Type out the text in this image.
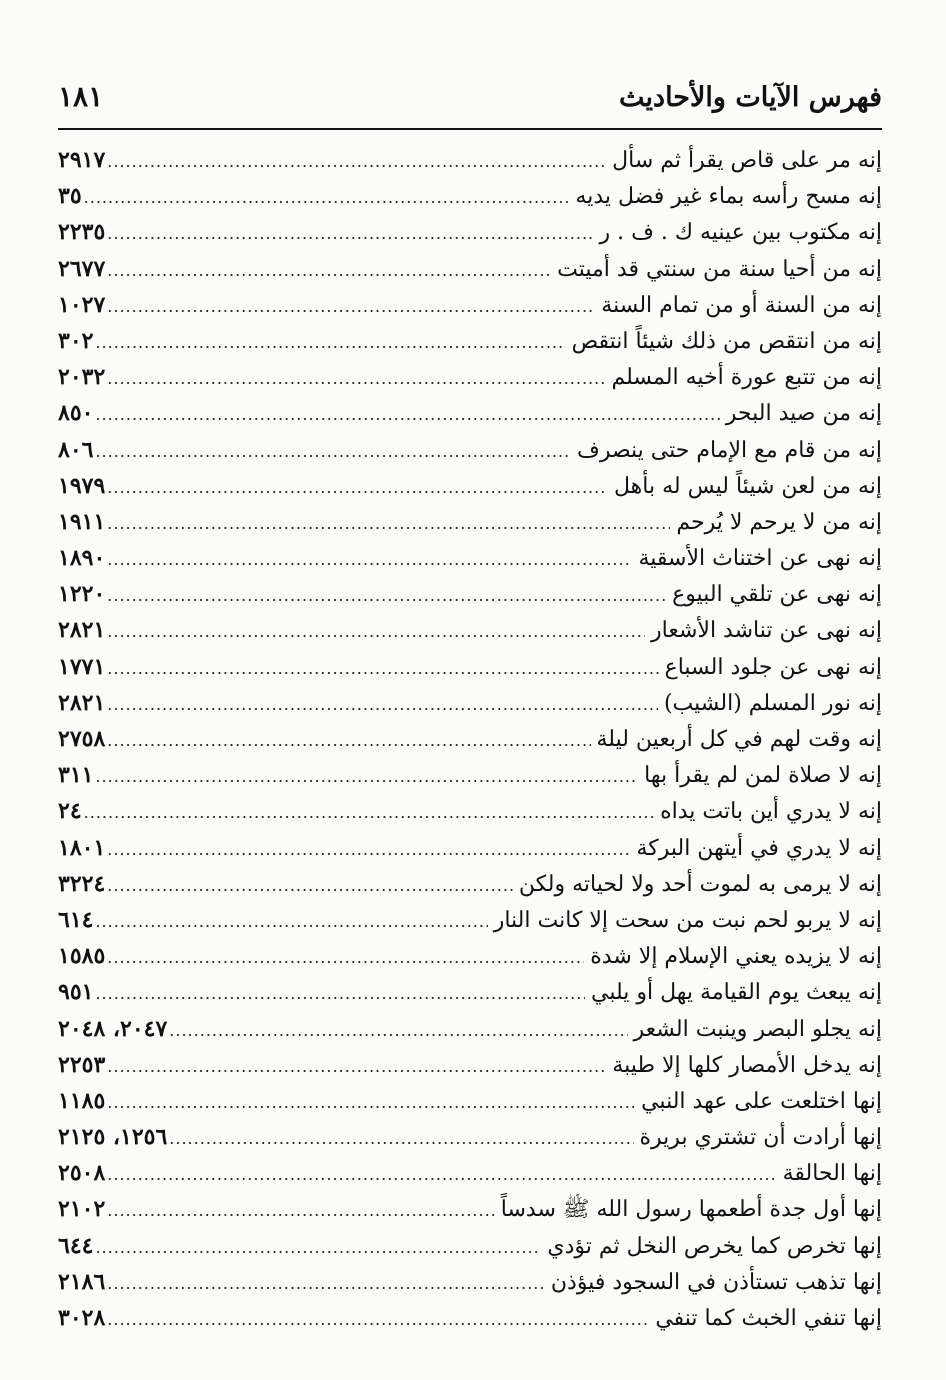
فهرس الآيات والأحاديث
١٨١
إنه مر على قاص يقرأ ثم سأل
.....
٢٩١٧
إنه مسح رأسه بماء غير فضل يديه
.....
٣٥
إنه مكتوب بين عينيه ك . ف . ر
.....
٢٢٣٥
إنه من أحيا سنة من سنتي قد أميتت
.....
٢٦٧٧
إنه من السنة أو من تمام السنة
.....
١٠٢٧
إنه من انتقص من ذلك شيئاً انتقص
.....
٣٠٢
إنه من تتبع عورة أخيه المسلم
.....
٢٠٣٢
إنه من صيد البحر
.....
٨٥٠
إنه من قام مع الإمام حتى ينصرف
.....
٨٠٦
إنه من لعن شيئاً ليس له بأهل
.....
١٩٧٩
إنه من لا يرحم لا يُرحم
.....
١٩١١
إنه نهى عن اختناث الأسقية
.....
١٨٩٠
إنه نهى عن تلقي البيوع
.....
١٢٢٠
إنه نهى عن تناشد الأشعار
.....
٢٨٢١
إنه نهى عن جلود السباع
.....
١٧٧١
إنه نور المسلم (الشيب)
.....
٢٨٢١
إنه وقت لهم في كل أربعين ليلة
.....
٢٧٥٨
إنه لا صلاة لمن لم يقرأ بها
.....
٣١١
إنه لا يدري أين باتت يداه
.....
٢٤
إنه لا يدري في أيتهن البركة
.....
١٨٠١
إنه لا يرمى به لموت أحد ولا لحياته ولكن
.....
٣٢٢٤
إنه لا يربو لحم نبت من سحت إلا كانت النار
.....
٦١٤
إنه لا يزيده يعني الإسلام إلا شدة
.....
١٥٨٥
إنه يبعث يوم القيامة يهل أو يلبي
.....
٩٥١
إنه يجلو البصر وينبت الشعر
.....
٢٠٤٧، ٢٠٤٨
إنه يدخل الأمصار كلها إلا طيبة
.....
٢٢٥٣
إنها اختلعت على عهد النبي
.....
١١٨٥
إنها أرادت أن تشتري بريرة
.....
١٢٥٦، ٢١٢٥
إنها الحالقة
.....
٢٥٠٨
إنها أول جدة أطعمها رسول الله ﷺ سدساً
.....
٢١٠٢
إنها تخرص كما يخرص النخل ثم تؤدي
.....
٦٤٤
إنها تذهب تستأذن في السجود فيؤذن
.....
٢١٨٦
إنها تنفي الخبث كما تنفي
.....
٣٠٢٨
